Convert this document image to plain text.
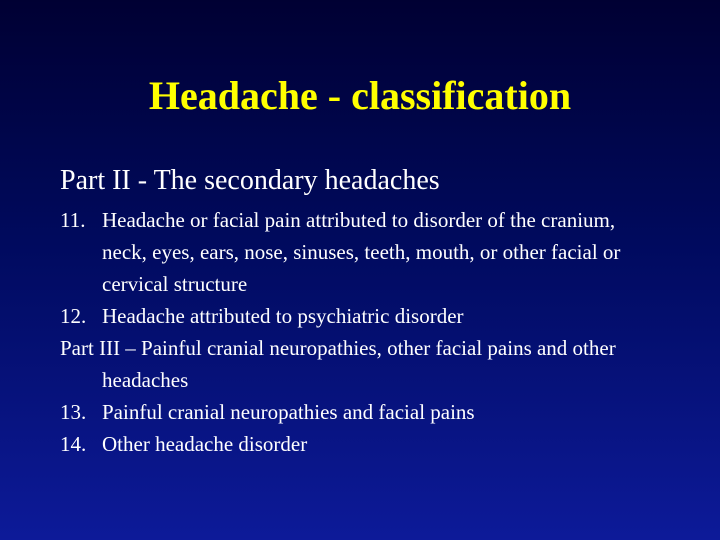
Headache - classification

Part II - The secondary headaches

11. Headache or facial pain attributed to disorder of the cranium, neck, eyes, ears, nose, sinuses, teeth, mouth, or other facial or cervical structure

12. Headache attributed to psychiatric disorder

Part III – Painful cranial neuropathies, other facial pains and other headaches

13. Painful cranial neuropathies and facial pains

14. Other headache disorder
